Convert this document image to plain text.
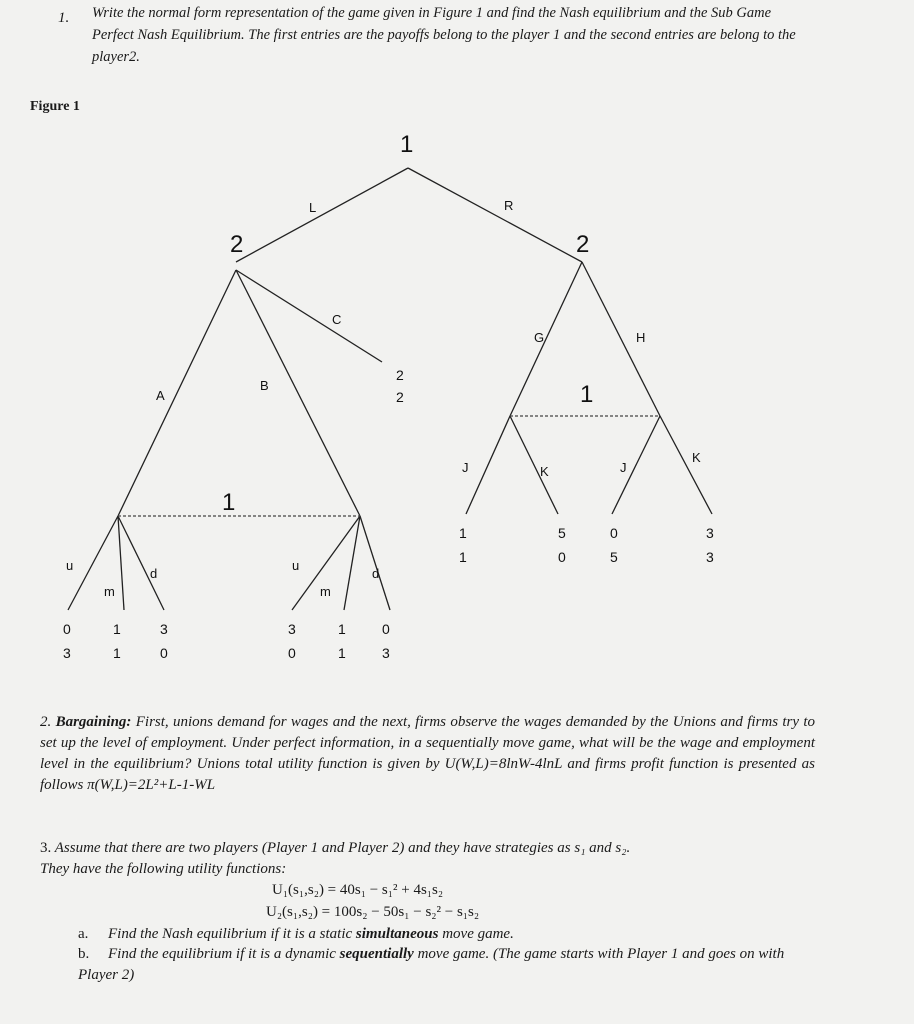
1. Write the normal form representation of the game given in Figure 1 and find the Nash equilibrium and the Sub Game Perfect Nash Equilibrium. The first entries are the payoffs belong to the player 1 and the second entries are belong to the player2.
Figure 1
1
2	2
1
1
L	R
A
B
C
2
2
G	H
J	K	J
K
1
1
5
0
0
5
3
3
u
m
d
u
m
d
0
3
1
1
3
0
3
0
1
1
0
3
2. Bargaining: First, unions demand for wages and the next, firms observe the wages demanded by the Unions and firms try to set up the level of employment. Under perfect information, in a sequentially move game, what will be the wage and employment level in the equilibrium? Unions total utility function is given by U(W,L)=8lnW-4lnL and firms profit function is presented as follows π(W,L)=2L²+L-1-WL
3. Assume that there are two players (Player 1 and Player 2) and they have strategies as s₁ and s₂.
They have the following utility functions:
U₁(s₁,s₂) = 40s₁ − s₁² + 4s₁s₂
U₂(s₁,s₂) = 100s₂ − 50s₁ − s₂² − s₁s₂
a. Find the Nash equilibrium if it is a static simultaneous move game.
b. Find the equilibrium if it is a dynamic sequentially move game. (The game starts with Player 1 and goes on with Player 2)
